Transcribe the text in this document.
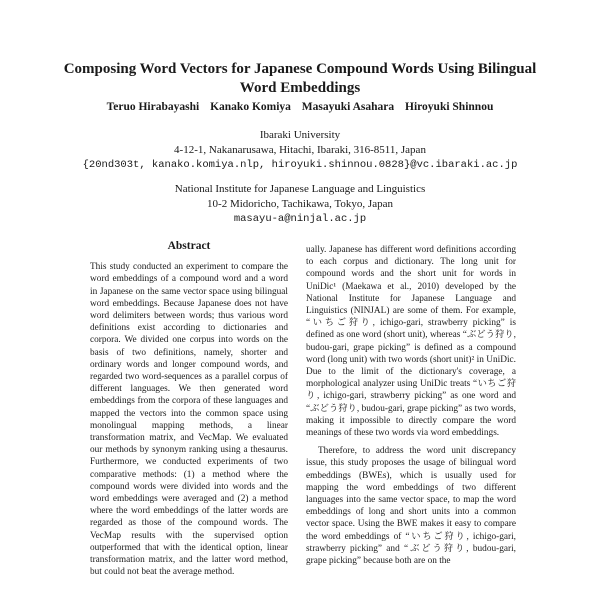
Composing Word Vectors for Japanese Compound Words Using Bilingual Word Embeddings
Teruo Hirabayashi Kanako Komiya Masayuki Asahara Hiroyuki Shinnou
Ibaraki University
4-12-1, Nakanarusawa, Hitachi, Ibaraki, 316-8511, Japan
{20nd303t, kanako.komiya.nlp, hiroyuki.shinnou.0828}@vc.ibaraki.ac.jp
National Institute for Japanese Language and Linguistics
10-2 Midoricho, Tachikawa, Tokyo, Japan
masayu-a@ninjal.ac.jp
Abstract

This study conducted an experiment to compare the word embeddings of a compound word and a word in Japanese on the same vector space using bilingual word embeddings. Because Japanese does not have word delimiters between words; thus various word definitions exist according to dictionaries and corpora. We divided one corpus into words on the basis of two definitions, namely, shorter and ordinary words and longer compound words, and regarded two word-sequences as a parallel corpus of different languages. We then generated word embeddings from the corpora of these languages and mapped the vectors into the common space using monolingual mapping methods, a linear transformation matrix, and VecMap. We evaluated our methods by synonym ranking using a thesaurus. Furthermore, we conducted experiments of two comparative methods: (1) a method where the compound words were divided into words and the word embeddings were averaged and (2) a method where the word embeddings of the latter words are regarded as those of the compound words. The VecMap results with the supervised option outperformed that with the identical option, linear transformation matrix, and the latter word method, but could not beat the average method.

ually. Japanese has different word definitions according to each corpus and dictionary. The long unit for compound words and the short unit for words in UniDic¹ (Maekawa et al., 2010) developed by the National Institute for Japanese Language and Linguistics (NINJAL) are some of them. For example, “いちご狩り, ichigo-gari, strawberry picking” is defined as one word (short unit), whereas “ぶどう狩り, budou-gari, grape picking” is defined as a compound word (long unit) with two words (short unit)² in UniDic. Due to the limit of the dictionary's coverage, a morphological analyzer using UniDic treats “いちご狩り, ichigo-gari, strawberry picking” as one word and “ぶどう狩り, budou-gari, grape picking” as two words, making it impossible to directly compare the word meanings of these two words via word embeddings.

Therefore, to address the word unit discrepancy issue, this study proposes the usage of bilingual word embeddings (BWEs), which is usually used for mapping the word embeddings of two different languages into the same vector space, to map the word embeddings of long and short units into a common vector space. Using the BWE makes it easy to compare the word embeddings of “いちご狩り, ichigo-gari, strawberry picking” and “ぶどう狩り, budou-gari, grape picking” because both are on the
